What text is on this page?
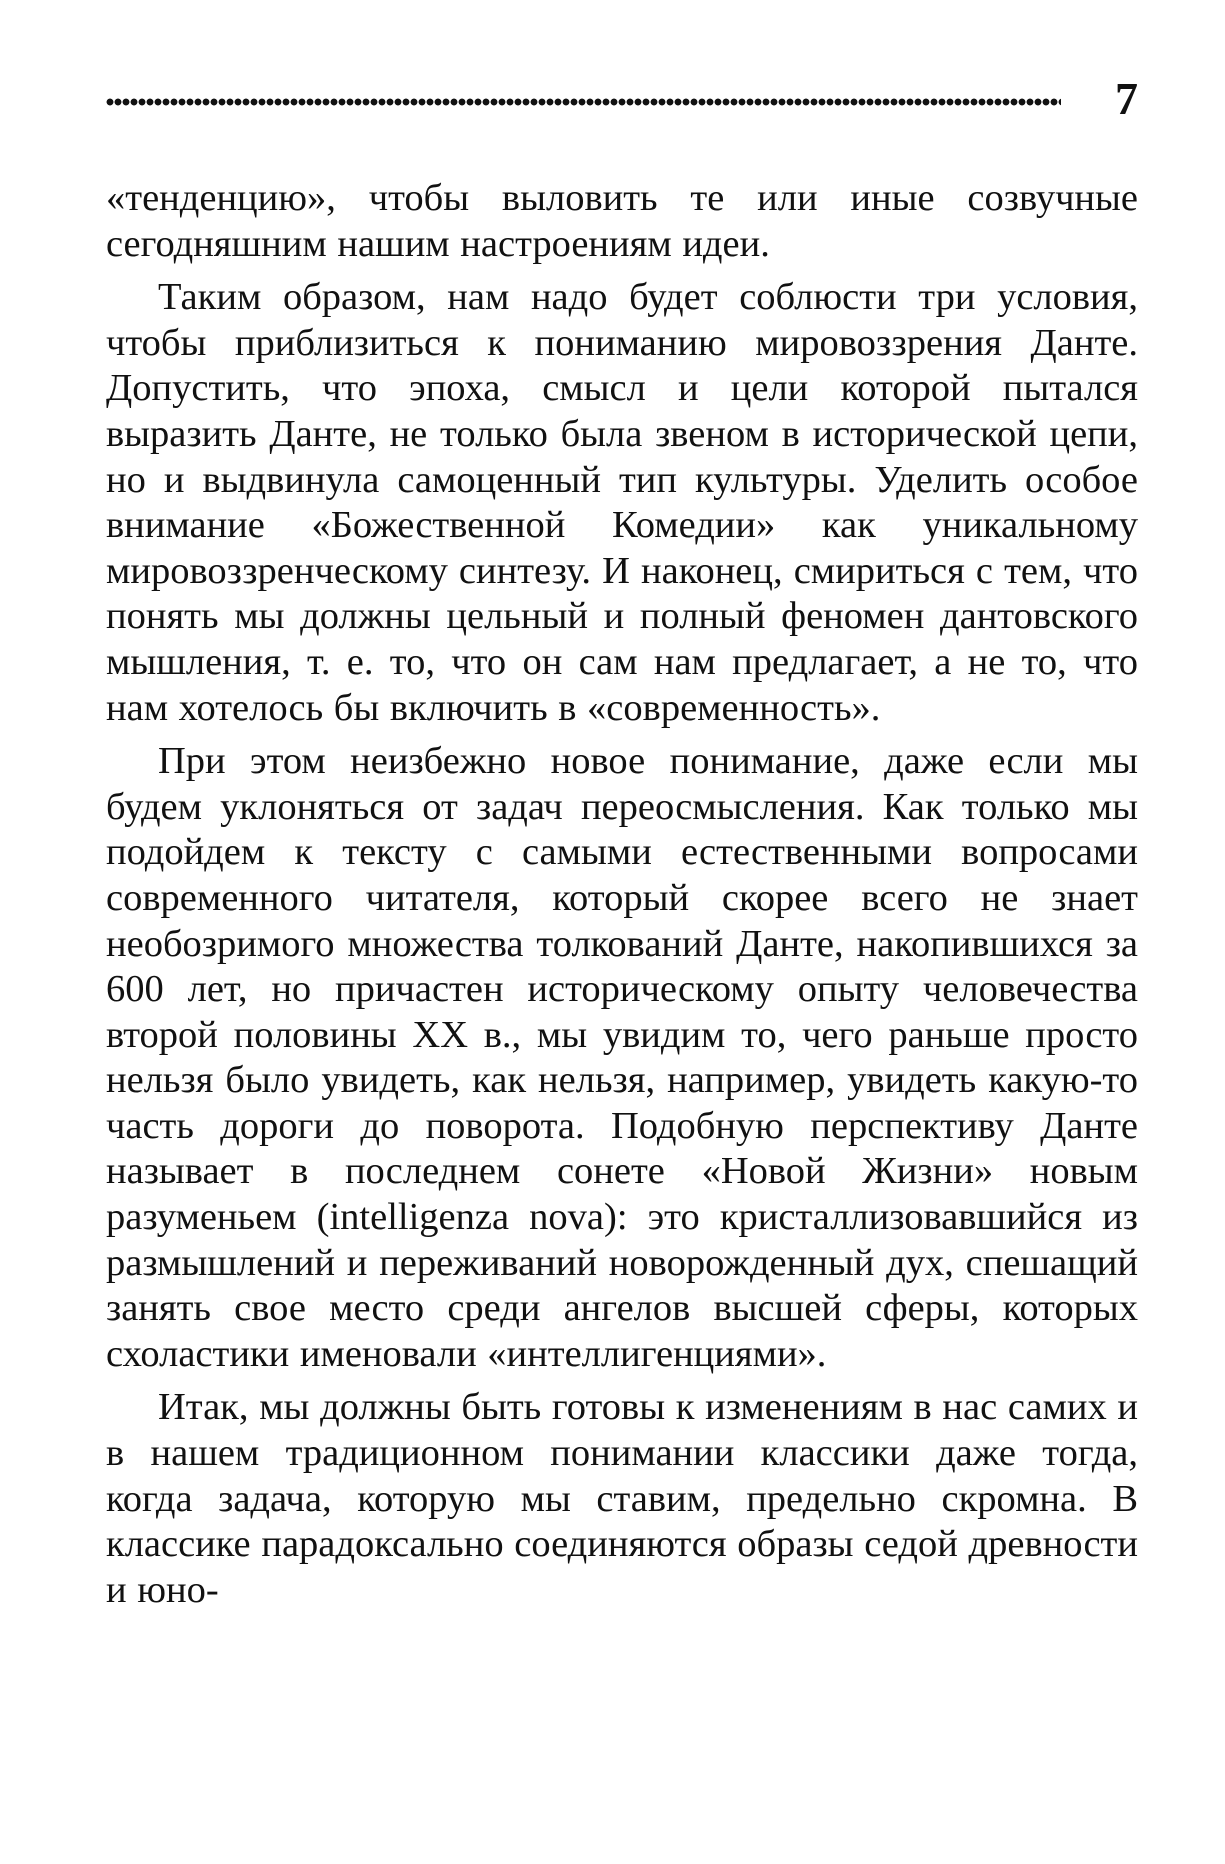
7

«тенденцию», чтобы выловить те или иные созвучные сегодняшним нашим настроениям идеи.

Таким образом, нам надо будет соблюсти три условия, чтобы приблизиться к пониманию мировоззрения Данте. Допустить, что эпоха, смысл и цели которой пытался выразить Данте, не только была звеном в исторической цепи, но и выдвинула самоценный тип культуры. Уделить особое внимание «Божественной Комедии» как уникальному мировоззренческому синтезу. И наконец, смириться с тем, что понять мы должны цельный и полный феномен дантовского мышления, т. е. то, что он сам нам предлагает, а не то, что нам хотелось бы включить в «современность».

При этом неизбежно новое понимание, даже если мы будем уклоняться от задач переосмысления. Как только мы подойдем к тексту с самыми естественными вопросами современного читателя, который скорее всего не знает необозримого множества толкований Данте, накопившихся за 600 лет, но причастен историческому опыту человечества второй половины XX в., мы увидим то, чего раньше просто нельзя было увидеть, как нельзя, например, увидеть какую-то часть дороги до поворота. Подобную перспективу Данте называет в последнем сонете «Новой Жизни» новым разуменьем (intelligenza nova): это кристаллизовавшийся из размышлений и переживаний новорожденный дух, спешащий занять свое место среди ангелов высшей сферы, которых схоластики именовали «интеллигенциями».

Итак, мы должны быть готовы к изменениям в нас самих и в нашем традиционном понимании классики даже тогда, когда задача, которую мы ставим, предельно скромна. В классике парадоксально соединяются образы седой древности и юно-
